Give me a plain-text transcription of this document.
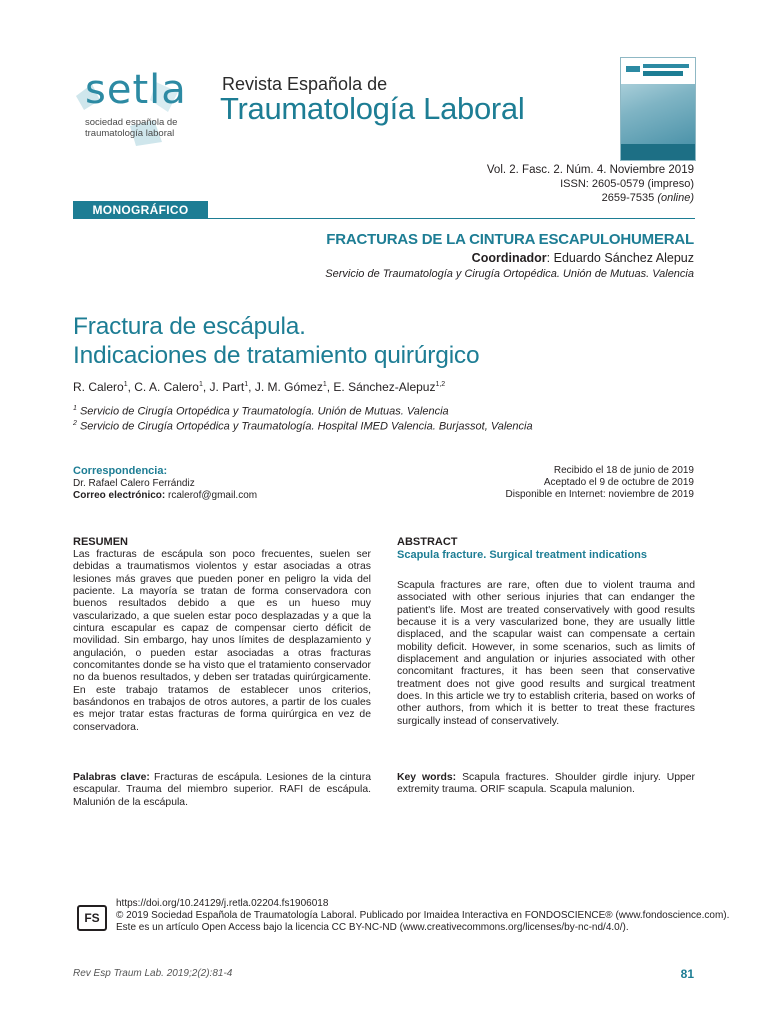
setla
sociedad española de
traumatología laboral
Revista Española de
Traumatología Laboral
Vol. 2. Fasc. 2. Núm. 4. Noviembre 2019
ISSN: 2605-0579 (impreso)
2659-7535 (online)
MONOGRÁFICO
FRACTURAS DE LA CINTURA ESCAPULOHUMERAL
Coordinador: Eduardo Sánchez Alepuz
Servicio de Traumatología y Cirugía Ortopédica. Unión de Mutuas. Valencia
Fractura de escápula.
Indicaciones de tratamiento quirúrgico
R. Calero$^1$, C. A. Calero$^1$, J. Part$^1$, J. M. Gómez$^1$, E. Sánchez-Alepuz$^{1,2}$
$^1$ Servicio de Cirugía Ortopédica y Traumatología. Unión de Mutuas. Valencia
$^2$ Servicio de Cirugía Ortopédica y Traumatología. Hospital IMED Valencia. Burjassot, Valencia
Correspondencia:
Dr. Rafael Calero Ferrándiz
Correo electrónico: rcalerof@gmail.com
Recibido el 18 de junio de 2019
Aceptado el 9 de octubre de 2019
Disponible en Internet: noviembre de 2019
RESUMEN
Las fracturas de escápula son poco frecuentes, suelen ser debidas a traumatismos violentos y estar asociadas a otras lesiones más graves que pueden poner en peligro la vida del paciente. La mayoría se tratan de forma conservadora con buenos resultados debido a que es un hueso muy vascularizado, a que suelen estar poco desplazadas y a que la cintura escapular es capaz de compensar cierto déficit de movilidad. Sin embargo, hay unos límites de desplazamiento y angulación, o pueden estar asociadas a otras fracturas concomitantes donde se ha visto que el tratamiento conservador no da buenos resultados, y deben ser tratadas quirúrgicamente. En este trabajo tratamos de establecer unos criterios, basándonos en trabajos de otros autores, a partir de los cuales es mejor tratar estas fracturas de forma quirúrgica en vez de conservadora.
Palabras clave: Fracturas de escápula. Lesiones de la cintura escapular. Trauma del miembro superior. RAFI de escápula. Malunión de la escápula.
ABSTRACT
Scapula fracture. Surgical treatment indications
Scapula fractures are rare, often due to violent trauma and associated with other serious injuries that can endanger the patient's life. Most are treated conservatively with good results because it is a very vascularized bone, they are usually little displaced, and the scapular waist can compensate a certain mobility deficit. However, in some scenarios, such as limits of displacement and angulation or injuries associated with other concomitant fractures, it has been seen that conservative treatment does not give good results and surgical treatment does. In this article we try to establish criteria, based on works of other authors, from which it is better to treat these fractures surgically instead of conservatively.
Key words: Scapula fractures. Shoulder girdle injury. Upper extremity trauma. ORIF scapula. Scapula malunion.
FS
https://doi.org/10.24129/j.retla.02204.fs1906018
© 2019 Sociedad Española de Traumatología Laboral. Publicado por Imaidea Interactiva en FONDOSCIENCE® (www.fondoscience.com).
Este es un artículo Open Access bajo la licencia CC BY-NC-ND (www.creativecommons.org/licenses/by-nc-nd/4.0/).
Rev Esp Traum Lab. 2019;2(2):81-4	81
